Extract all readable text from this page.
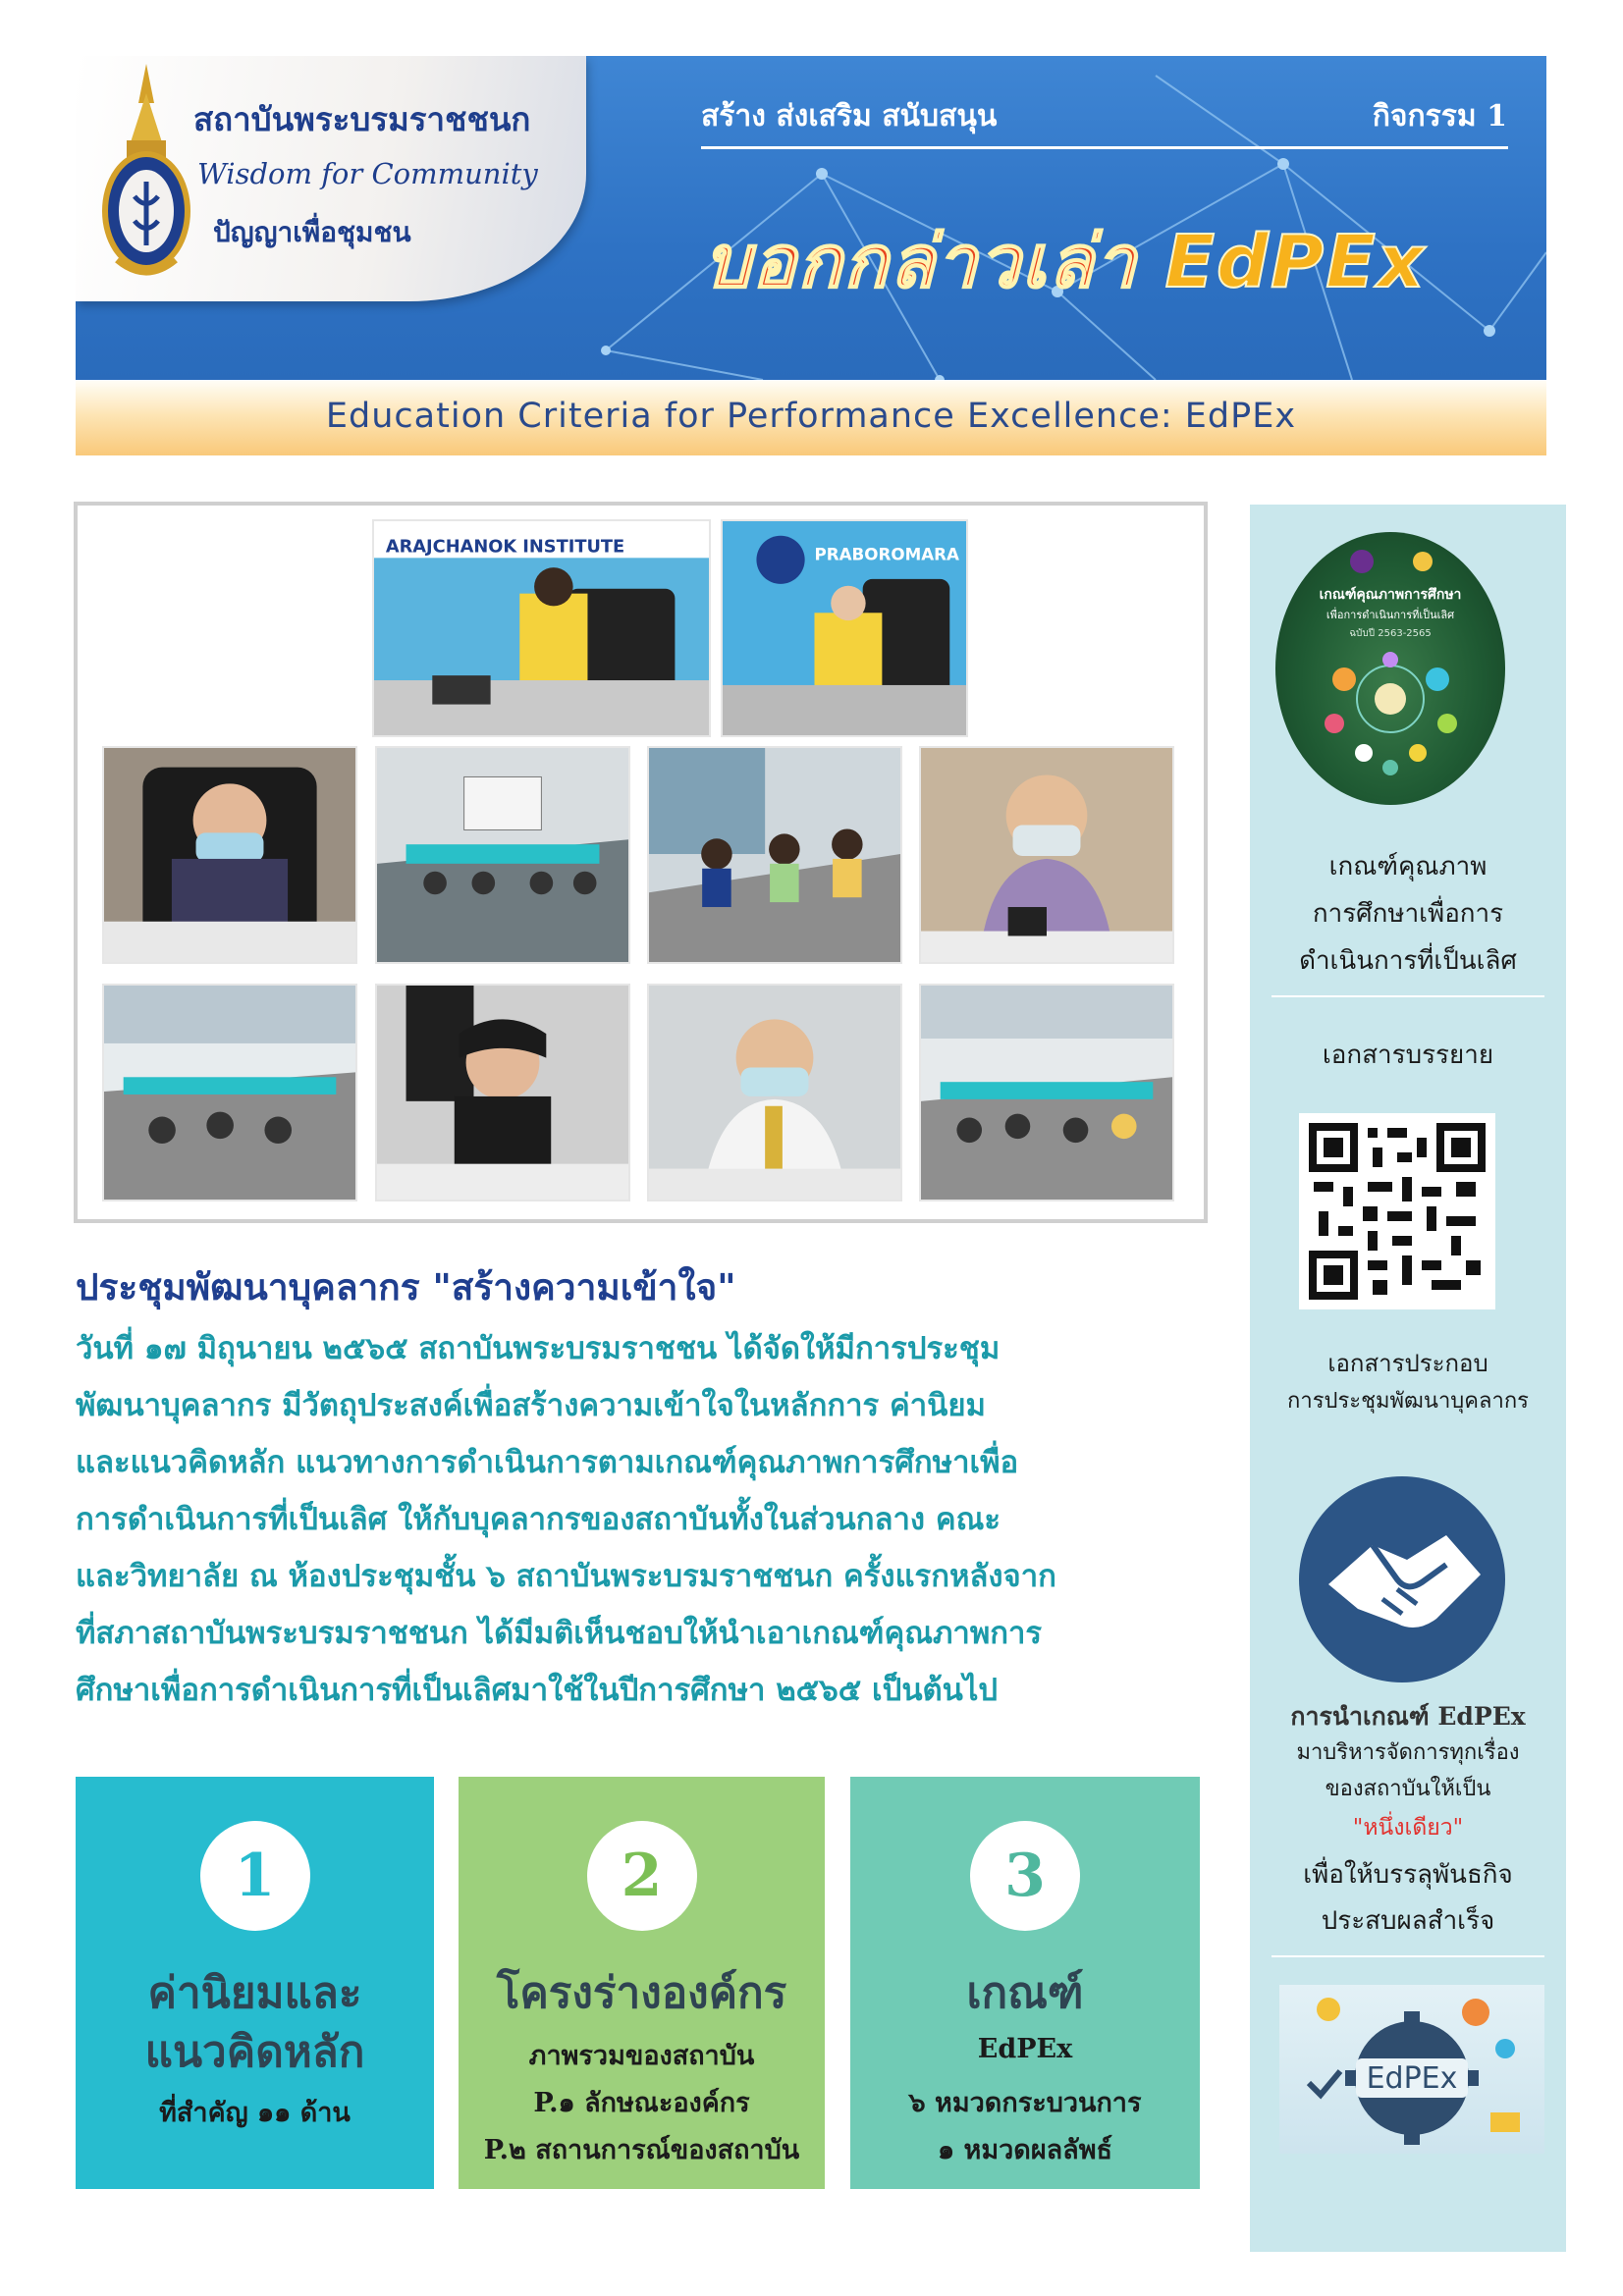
สถาบันพระบรมราชชนก
Wisdom for Community
ปัญญาเพื่อชุมชน
สร้าง ส่งเสริม สนับสนุน	กิจกรรม 1
บอกกล่าวเล่า EdPEx
Education Criteria for Performance Excellence: EdPEx
ARAJCHANOK INSTITUTE	PRABOROMARA
ประชุมพัฒนาบุคลากร "สร้างความเข้าใจ"
วันที่ ๑๗ มิถุนายน ๒๕๖๕ สถาบันพระบรมราชชน ได้จัดให้มีการประชุม
พัฒนาบุคลากร มีวัตถุประสงค์เพื่อสร้างความเข้าใจในหลักการ ค่านิยม
และแนวคิดหลัก แนวทางการดำเนินการตามเกณฑ์คุณภาพการศึกษาเพื่อ
การดำเนินการที่เป็นเลิศ ให้กับบุคลากรของสถาบันทั้งในส่วนกลาง คณะ
และวิทยาลัย ณ ห้องประชุมชั้น ๖ สถาบันพระบรมราชชนก ครั้งแรกหลังจาก
ที่สภาสถาบันพระบรมราชชนก ได้มีมติเห็นชอบให้นำเอาเกณฑ์คุณภาพการ
ศึกษาเพื่อการดำเนินการที่เป็นเลิศมาใช้ในปีการศึกษา ๒๕๖๕ เป็นต้นไป
1
ค่านิยมและ
แนวคิดหลัก
ที่สำคัญ ๑๑ ด้าน
2
โครงร่างองค์กร
ภาพรวมของสถาบัน
P.๑ ลักษณะองค์กร
P.๒ สถานการณ์ของสถาบัน
3
เกณฑ์
EdPEx
๖ หมวดกระบวนการ
๑ หมวดผลลัพธ์
เกณฑ์คุณภาพการศึกษา
เพื่อการดำเนินการที่เป็นเลิศ
ฉบับปี 2563-2565
เกณฑ์คุณภาพ
การศึกษาเพื่อการ
ดำเนินการที่เป็นเลิศ
เอกสารบรรยาย
เอกสารประกอบ
การประชุมพัฒนาบุคลากร
การนำเกณฑ์ EdPEx
มาบริหารจัดการทุกเรื่อง
ของสถาบันให้เป็น
"หนึ่งเดียว"
เพื่อให้บรรลุพันธกิจ
ประสบผลสำเร็จ
EdPEx
